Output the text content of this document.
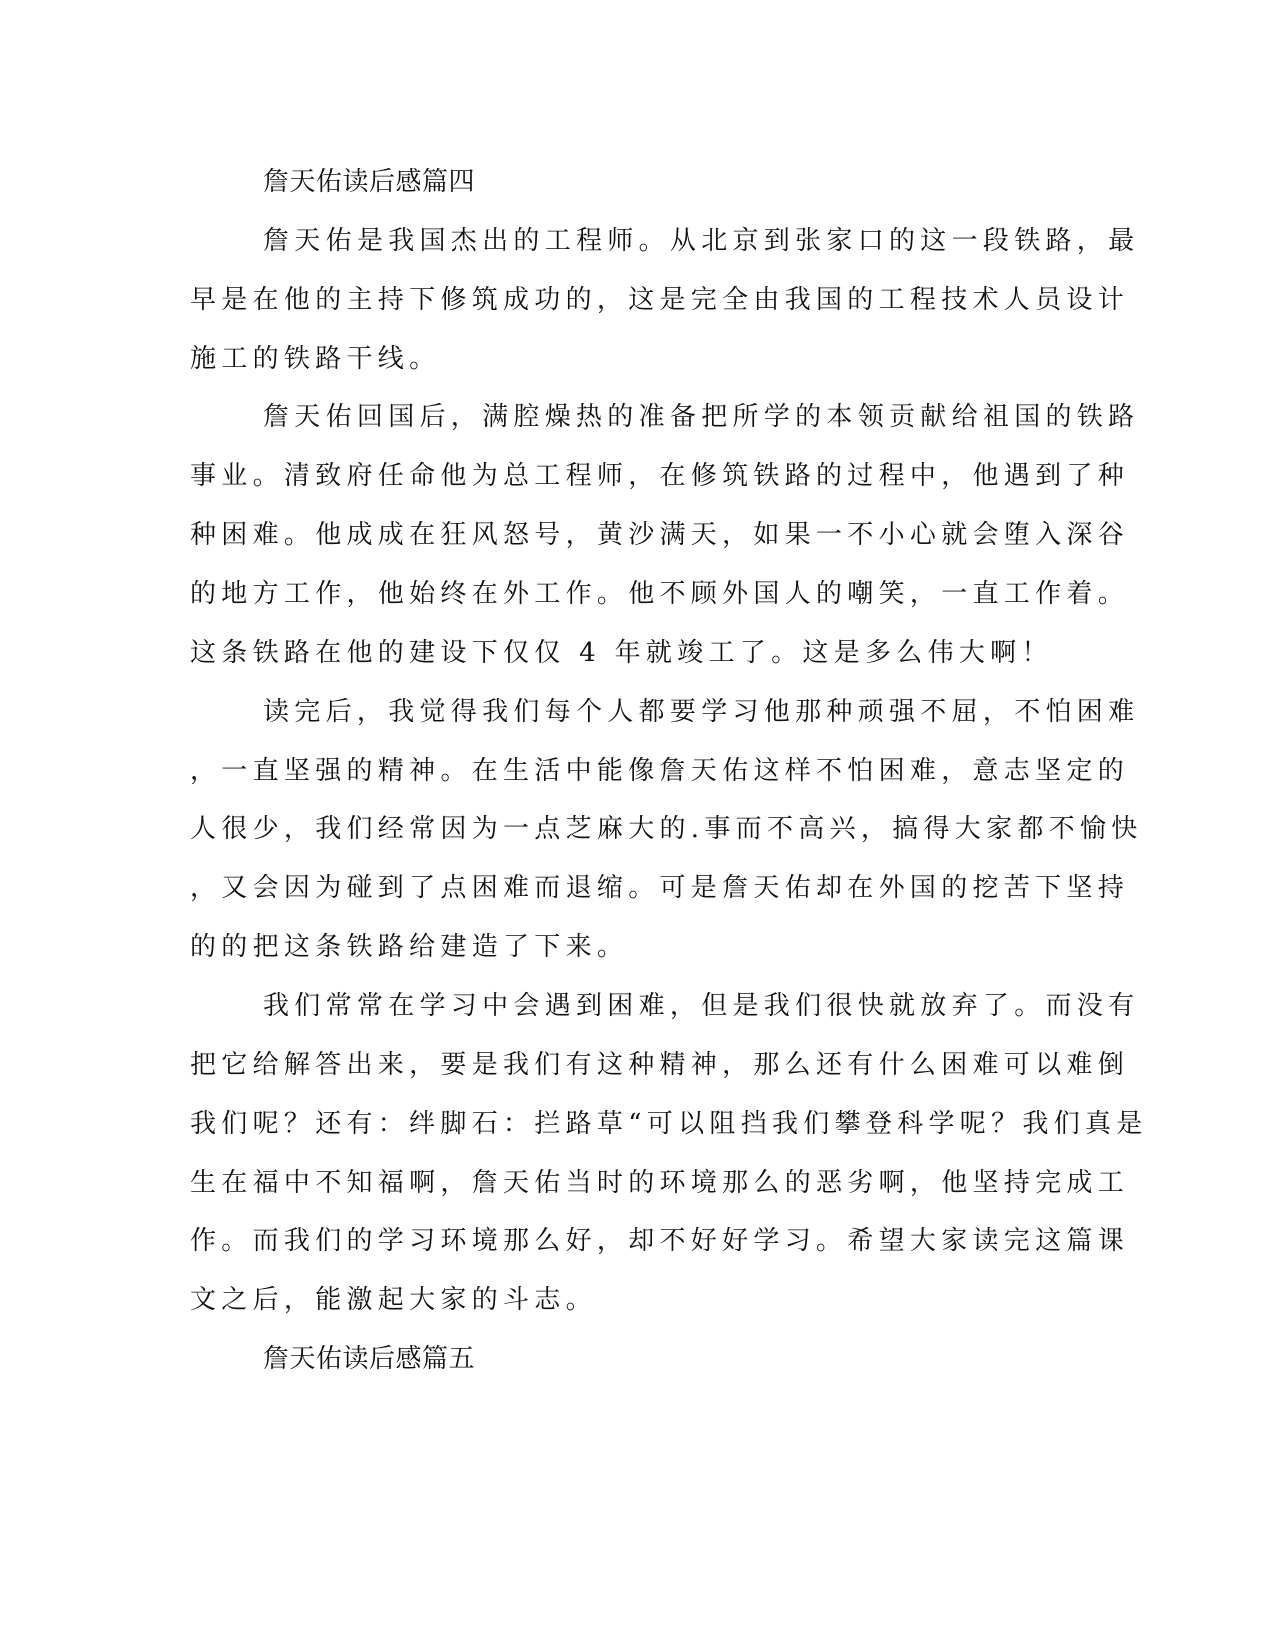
詹天佑读后感篇四
詹天佑是我国杰出的工程师。从北京到张家口的这一段铁路，最
早是在他的主持下修筑成功的，这是完全由我国的工程技术人员设计
施工的铁路干线。
詹天佑回国后，满腔燥热的准备把所学的本领贡献给祖国的铁路
事业。清致府任命他为总工程师，在修筑铁路的过程中，他遇到了种
种困难。他成成在狂风怒号，黄沙满天，如果一不小心就会堕入深谷
的地方工作，他始终在外工作。他不顾外国人的嘲笑，一直工作着。
这条铁路在他的建设下仅仅 4 年就竣工了。这是多么伟大啊！
读完后，我觉得我们每个人都要学习他那种顽强不屈，不怕困难
，一直坚强的精神。在生活中能像詹天佑这样不怕困难，意志坚定的
人很少，我们经常因为一点芝麻大的.事而不高兴，搞得大家都不愉快
，又会因为碰到了点困难而退缩。可是詹天佑却在外国的挖苦下坚持
的的把这条铁路给建造了下来。
我们常常在学习中会遇到困难，但是我们很快就放弃了。而没有
把它给解答出来，要是我们有这种精神，那么还有什么困难可以难倒
我们呢？还有：绊脚石：拦路草“可以阻挡我们攀登科学呢？我们真是
生在福中不知福啊，詹天佑当时的环境那么的恶劣啊，他坚持完成工
作。而我们的学习环境那么好，却不好好学习。希望大家读完这篇课
文之后，能激起大家的斗志。
詹天佑读后感篇五
